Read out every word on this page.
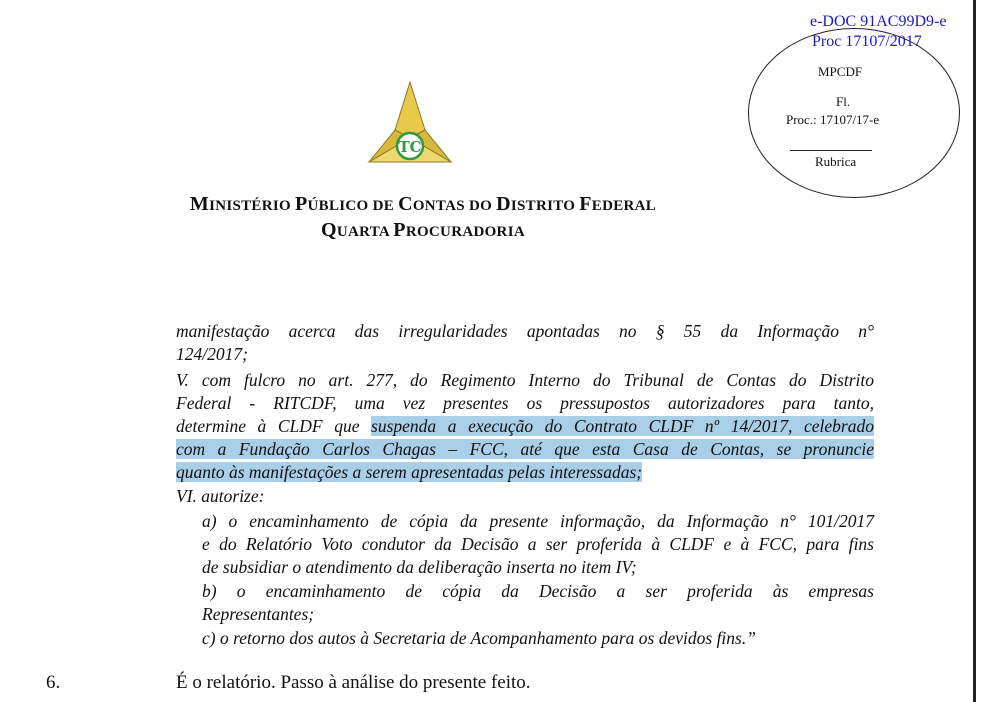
e-DOC 91AC99D9-e
Proc 17107/2017
MPCDF
Fl.
Proc.: 17107/17-e
Rubrica
TC
MINISTÉRIO PÚBLICO DE CONTAS DO DISTRITO FEDERAL
QUARTA PROCURADORIA
manifestação acerca das irregularidades apontadas no § 55 da Informação n°
124/2017;
V. com fulcro no art. 277, do Regimento Interno do Tribunal de Contas do Distrito
Federal - RITCDF, uma vez presentes os pressupostos autorizadores para tanto,
determine à CLDF que suspenda a execução do Contrato CLDF nº 14/2017, celebrado
com a Fundação Carlos Chagas – FCC, até que esta Casa de Contas, se pronuncie
quanto às manifestações a serem apresentadas pelas interessadas;
VI. autorize:
a) o encaminhamento de cópia da presente informação, da Informação n° 101/2017
e do Relatório Voto condutor da Decisão a ser proferida à CLDF e à FCC, para fins
de subsidiar o atendimento da deliberação inserta no item IV;
b) o encaminhamento de cópia da Decisão a ser proferida às empresas
Representantes;
c) o retorno dos autos à Secretaria de Acompanhamento para os devidos fins.”
6.	É o relatório. Passo à análise do presente feito.
